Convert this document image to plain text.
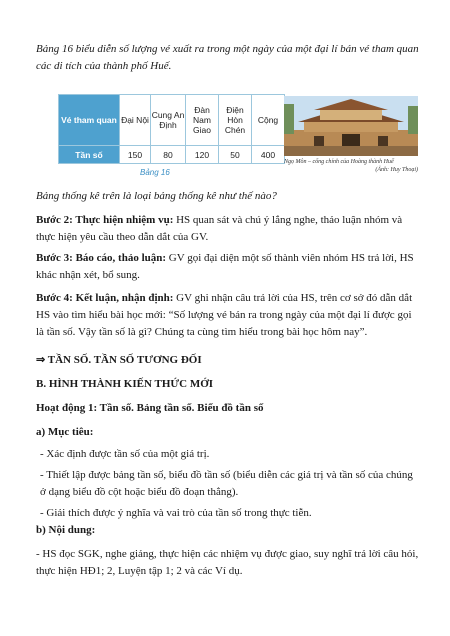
Bảng 16 biểu diễn số lượng vé xuất ra trong một ngày của một đại lí bán vé tham quan các di tích của thành phố Huế.

Vé tham quan	Đại Nội	Cung An Định	Đàn Nam Giao	Điện Hòn Chén	Cộng
Tần số	150	80	120	50	400
Bảng 16
Ngọ Môn – cổng chính của Hoàng thành Huế
(Ảnh: Huy Thoại)

Bảng thống kê trên là loại bảng thống kê như thế nào?

Bước 2: Thực hiện nhiệm vụ: HS quan sát và chú ý lắng nghe, thảo luận nhóm và thực hiện yêu cầu theo dẫn dắt của GV.

Bước 3: Báo cáo, thảo luận: GV gọi đại diện một số thành viên nhóm HS trả lời, HS khác nhận xét, bổ sung.

Bước 4: Kết luận, nhận định: GV ghi nhận câu trả lời của HS, trên cơ sở đó dẫn dắt HS vào tìm hiểu bài học mới: “Số lượng vé bán ra trong ngày của một đại lí được gọi là tần số. Vậy tần số là gì? Chúng ta cùng tìm hiểu trong bài học hôm nay”.

⇒ TẦN SỐ. TẦN SỐ TƯƠNG ĐỐI

B. HÌNH THÀNH KIẾN THỨC MỚI

Hoạt động 1: Tần số. Bảng tần số. Biểu đồ tần số

a) Mục tiêu:

- Xác định được tần số của một giá trị.

- Thiết lập được bảng tần số, biểu đồ tần số (biểu diễn các giá trị và tần số của chúng ở dạng biểu đồ cột hoặc biểu đồ đoạn thẳng).

- Giải thích được ý nghĩa và vai trò của tần số trong thực tiễn.

b) Nội dung:

- HS đọc SGK, nghe giảng, thực hiện các nhiệm vụ được giao, suy nghĩ trả lời câu hỏi, thực hiện HĐ1; 2, Luyện tập 1; 2 và các Ví dụ.
